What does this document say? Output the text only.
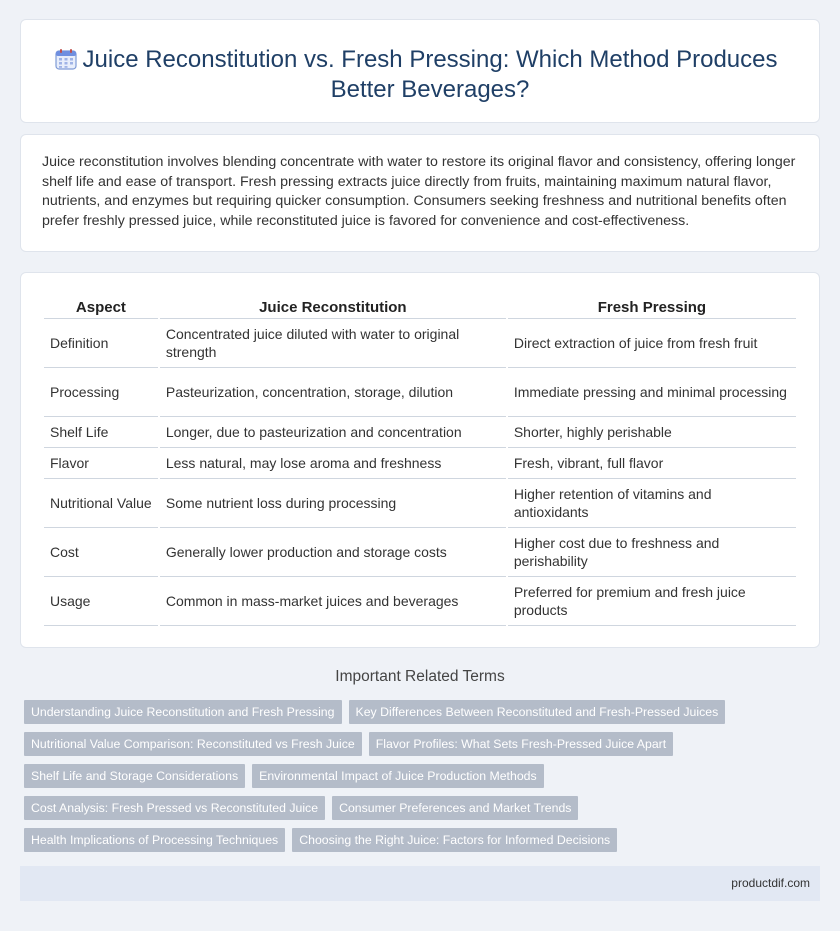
Juice Reconstitution vs. Fresh Pressing: Which Method Produces Better Beverages?

Juice reconstitution involves blending concentrate with water to restore its original flavor and consistency, offering longer shelf life and ease of transport. Fresh pressing extracts juice directly from fruits, maintaining maximum natural flavor, nutrients, and enzymes but requiring quicker consumption. Consumers seeking freshness and nutritional benefits often prefer freshly pressed juice, while reconstituted juice is favored for convenience and cost-effectiveness.

Aspect	Juice Reconstitution	Fresh Pressing
Definition	Concentrated juice diluted with water to original strength	Direct extraction of juice from fresh fruit
Processing	Pasteurization, concentration, storage, dilution	Immediate pressing and minimal processing
Shelf Life	Longer, due to pasteurization and concentration	Shorter, highly perishable
Flavor	Less natural, may lose aroma and freshness	Fresh, vibrant, full flavor
Nutritional Value	Some nutrient loss during processing	Higher retention of vitamins and antioxidants
Cost	Generally lower production and storage costs	Higher cost due to freshness and perishability
Usage	Common in mass-market juices and beverages	Preferred for premium and fresh juice products
Important Related Terms
Understanding Juice Reconstitution and Fresh Pressing	Key Differences Between Reconstituted and Fresh-Pressed Juices
Nutritional Value Comparison: Reconstituted vs Fresh Juice	Flavor Profiles: What Sets Fresh-Pressed Juice Apart
Shelf Life and Storage Considerations	Environmental Impact of Juice Production Methods
Cost Analysis: Fresh Pressed vs Reconstituted Juice	Consumer Preferences and Market Trends
Health Implications of Processing Techniques	Choosing the Right Juice: Factors for Informed Decisions
productdif.com
